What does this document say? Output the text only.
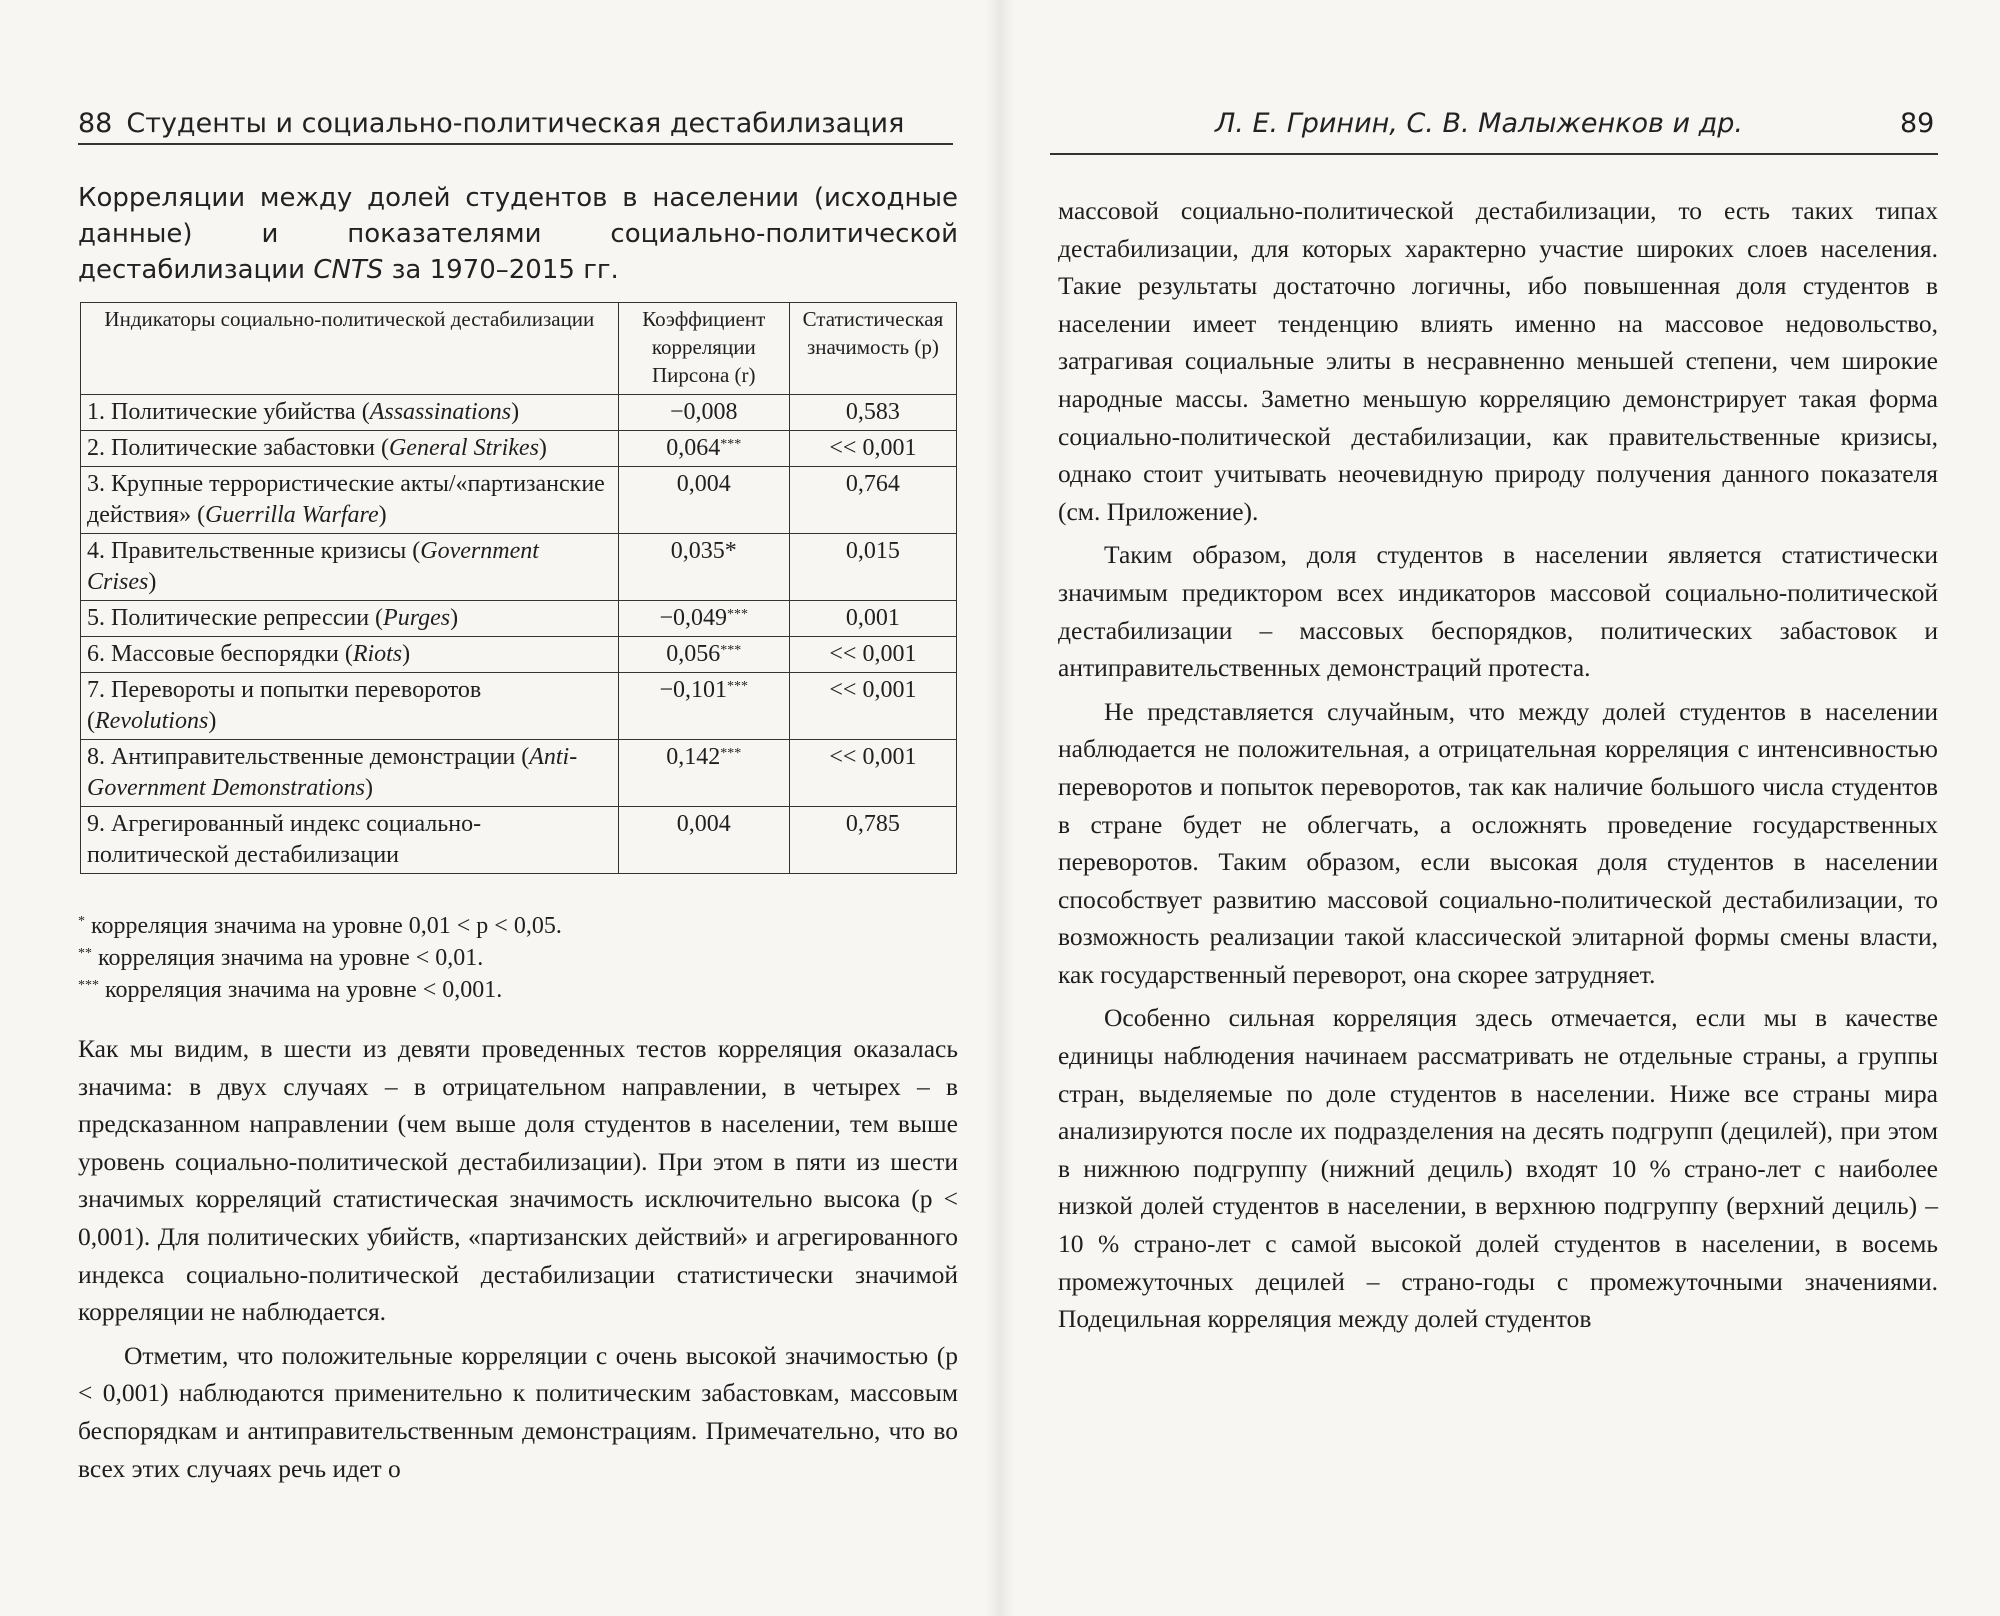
88 Студенты и социально-политическая дестабилизация
Корреляции между долей студентов в населении (исходные данные) и показателями социально-политической дестабилизации CNTS за 1970–2015 гг.
Индикаторы социально-политической дестабилизации	Коэффициент корреляции Пирсона (r)	Статистическая значимость (p)
1. Политические убийства (Assassinations)	−0,008	0,583
2. Политические забастовки (General Strikes)	0,064***	<< 0,001
3. Крупные террористические акты/«партизанские действия» (Guerrilla Warfare)	0,004	0,764
4. Правительственные кризисы (Government Crises)	0,035*	0,015
5. Политические репрессии (Purges)	−0,049***	0,001
6. Массовые беспорядки (Riots)	0,056***	<< 0,001
7. Перевороты и попытки переворотов (Revolutions)	−0,101***	<< 0,001
8. Антиправительственные демонстрации (Anti-Government Demonstrations)	0,142***	<< 0,001
9. Агрегированный индекс социально-политической дестабилизации	0,004	0,785
* корреляция значима на уровне 0,01 < p < 0,05.
** корреляция значима на уровне < 0,01.
*** корреляция значима на уровне < 0,001.

Как мы видим, в шести из девяти проведенных тестов корреляция оказалась значима: в двух случаях – в отрицательном направлении, в четырех – в предсказанном направлении (чем выше доля студентов в населении, тем выше уровень социально-политической дестабилизации). При этом в пяти из шести значимых корреляций статистическая значимость исключительно высока (p < 0,001). Для политических убийств, «партизанских действий» и агрегированного индекса социально-политической дестабилизации статистически значимой корреляции не наблюдается.

Отметим, что положительные корреляции с очень высокой значимостью (p < 0,001) наблюдаются применительно к политическим забастовкам, массовым беспорядкам и антиправительственным демонстрациям. Примечательно, что во всех этих случаях речь идет о

Л. Е. Гринин, С. В. Малыженков и др.	89

массовой социально-политической дестабилизации, то есть таких типах дестабилизации, для которых характерно участие широких слоев населения. Такие результаты достаточно логичны, ибо повышенная доля студентов в населении имеет тенденцию влиять именно на массовое недовольство, затрагивая социальные элиты в несравненно меньшей степени, чем широкие народные массы. Заметно меньшую корреляцию демонстрирует такая форма социально-политической дестабилизации, как правительственные кризисы, однако стоит учитывать неочевидную природу получения данного показателя (см. Приложение).

Таким образом, доля студентов в населении является статистически значимым предиктором всех индикаторов массовой социально-политической дестабилизации – массовых беспорядков, политических забастовок и антиправительственных демонстраций протеста.

Не представляется случайным, что между долей студентов в населении наблюдается не положительная, а отрицательная корреляция с интенсивностью переворотов и попыток переворотов, так как наличие большого числа студентов в стране будет не облегчать, а осложнять проведение государственных переворотов. Таким образом, если высокая доля студентов в населении способствует развитию массовой социально-политической дестабилизации, то возможность реализации такой классической элитарной формы смены власти, как государственный переворот, она скорее затрудняет.

Особенно сильная корреляция здесь отмечается, если мы в качестве единицы наблюдения начинаем рассматривать не отдельные страны, а группы стран, выделяемые по доле студентов в населении. Ниже все страны мира анализируются после их подразделения на десять подгрупп (децилей), при этом в нижнюю подгруппу (нижний дециль) входят 10 % страно-лет с наиболее низкой долей студентов в населении, в верхнюю подгруппу (верхний дециль) – 10 % страно-лет с самой высокой долей студентов в населении, в восемь промежуточных децилей – страно-годы с промежуточными значениями. Подецильная корреляция между долей студентов
